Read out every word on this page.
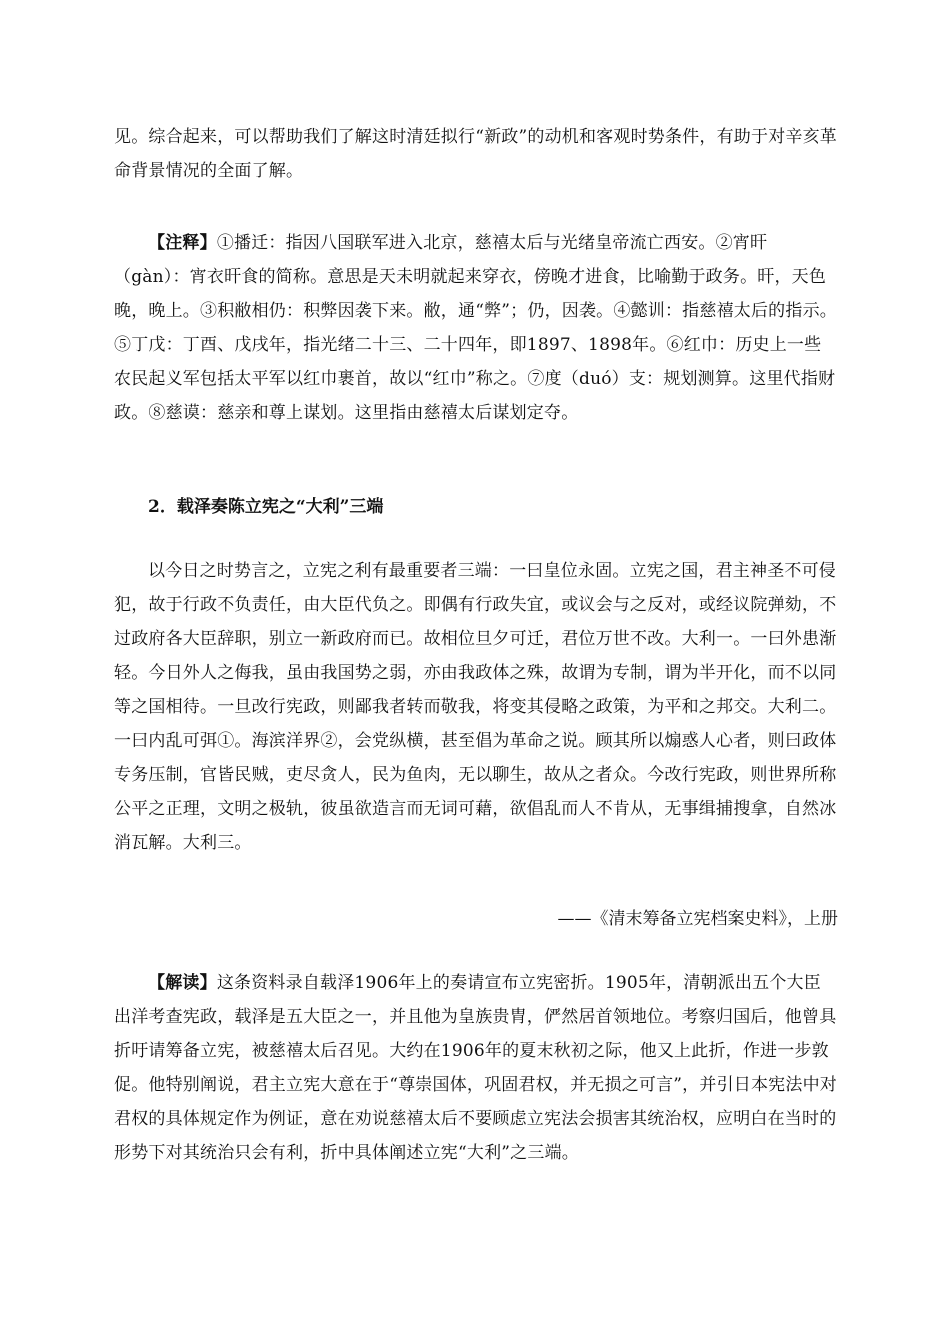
见。综合起来，可以帮助我们了解这时清廷拟行“新政”的动机和客观时势条件，有助于对辛亥革命背景情况的全面了解。

【注释】①播迁：指因八国联军进入北京，慈禧太后与光绪皇帝流亡西安。②宵旰（gàn）：宵衣旰食的简称。意思是天未明就起来穿衣，傍晚才进食，比喻勤于政务。旰，天色晚，晚上。③积敝相仍：积弊因袭下来。敝，通“弊”；仍，因袭。④懿训：指慈禧太后的指示。⑤丁戊：丁酉、戊戌年，指光绪二十三、二十四年，即1897、1898年。⑥红巾：历史上一些农民起义军包括太平军以红巾裹首，故以“红巾”称之。⑦度（duó）支：规划测算。这里代指财政。⑧慈谟：慈亲和尊上谋划。这里指由慈禧太后谋划定夺。

2．载泽奏陈立宪之“大利”三端

以今日之时势言之，立宪之利有最重要者三端：一曰皇位永固。立宪之国，君主神圣不可侵犯，故于行政不负责任，由大臣代负之。即偶有行政失宜，或议会与之反对，或经议院弹劾，不过政府各大臣辞职，别立一新政府而已。故相位旦夕可迁，君位万世不改。大利一。一曰外患渐轻。今日外人之侮我，虽由我国势之弱，亦由我政体之殊，故谓为专制，谓为半开化，而不以同等之国相待。一旦改行宪政，则鄙我者转而敬我，将变其侵略之政策，为平和之邦交。大利二。一曰内乱可弭①。海滨洋界②，会党纵横，甚至倡为革命之说。顾其所以煽惑人心者，则曰政体专务压制，官皆民贼，吏尽贪人，民为鱼肉，无以聊生，故从之者众。今改行宪政，则世界所称公平之正理，文明之极轨，彼虽欲造言而无词可藉，欲倡乱而人不肯从，无事缉捕搜拿，自然冰消瓦解。大利三。

——《清末筹备立宪档案史料》，上册

【解读】这条资料录自载泽1906年上的奏请宣布立宪密折。1905年，清朝派出五个大臣出洋考查宪政，载泽是五大臣之一，并且他为皇族贵胄，俨然居首领地位。考察归国后，他曾具折吁请筹备立宪，被慈禧太后召见。大约在1906年的夏末秋初之际，他又上此折，作进一步敦促。他特别阐说，君主立宪大意在于“尊崇国体，巩固君权，并无损之可言”，并引日本宪法中对君权的具体规定作为例证，意在劝说慈禧太后不要顾虑立宪法会损害其统治权，应明白在当时的形势下对其统治只会有利，折中具体阐述立宪“大利”之三端。
